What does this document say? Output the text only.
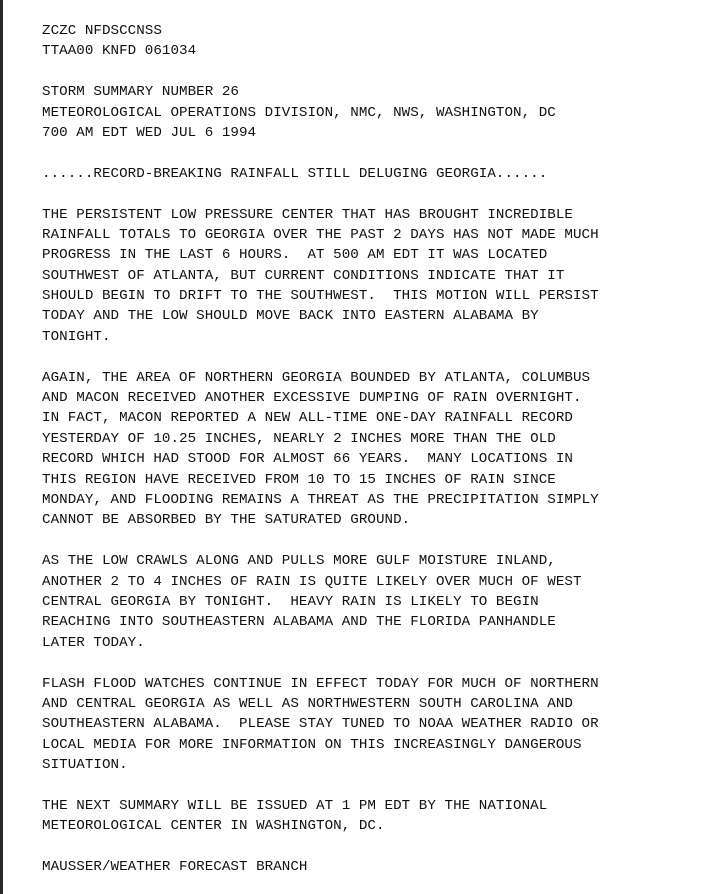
ZCZC NFDSCCNSS
TTAA00 KNFD 061034
STORM SUMMARY NUMBER 26
METEOROLOGICAL OPERATIONS DIVISION, NMC, NWS, WASHINGTON, DC
700 AM EDT WED JUL 6 1994
......RECORD-BREAKING RAINFALL STILL DELUGING GEORGIA......
THE PERSISTENT LOW PRESSURE CENTER THAT HAS BROUGHT INCREDIBLE
RAINFALL TOTALS TO GEORGIA OVER THE PAST 2 DAYS HAS NOT MADE MUCH
PROGRESS IN THE LAST 6 HOURS.  AT 500 AM EDT IT WAS LOCATED
SOUTHWEST OF ATLANTA, BUT CURRENT CONDITIONS INDICATE THAT IT
SHOULD BEGIN TO DRIFT TO THE SOUTHWEST.  THIS MOTION WILL PERSIST
TODAY AND THE LOW SHOULD MOVE BACK INTO EASTERN ALABAMA BY
TONIGHT.
AGAIN, THE AREA OF NORTHERN GEORGIA BOUNDED BY ATLANTA, COLUMBUS
AND MACON RECEIVED ANOTHER EXCESSIVE DUMPING OF RAIN OVERNIGHT.
IN FACT, MACON REPORTED A NEW ALL-TIME ONE-DAY RAINFALL RECORD
YESTERDAY OF 10.25 INCHES, NEARLY 2 INCHES MORE THAN THE OLD
RECORD WHICH HAD STOOD FOR ALMOST 66 YEARS.  MANY LOCATIONS IN
THIS REGION HAVE RECEIVED FROM 10 TO 15 INCHES OF RAIN SINCE
MONDAY, AND FLOODING REMAINS A THREAT AS THE PRECIPITATION SIMPLY
CANNOT BE ABSORBED BY THE SATURATED GROUND.
AS THE LOW CRAWLS ALONG AND PULLS MORE GULF MOISTURE INLAND,
ANOTHER 2 TO 4 INCHES OF RAIN IS QUITE LIKELY OVER MUCH OF WEST
CENTRAL GEORGIA BY TONIGHT.  HEAVY RAIN IS LIKELY TO BEGIN
REACHING INTO SOUTHEASTERN ALABAMA AND THE FLORIDA PANHANDLE
LATER TODAY.
FLASH FLOOD WATCHES CONTINUE IN EFFECT TODAY FOR MUCH OF NORTHERN
AND CENTRAL GEORGIA AS WELL AS NORTHWESTERN SOUTH CAROLINA AND
SOUTHEASTERN ALABAMA.  PLEASE STAY TUNED TO NOAA WEATHER RADIO OR
LOCAL MEDIA FOR MORE INFORMATION ON THIS INCREASINGLY DANGEROUS
SITUATION.
THE NEXT SUMMARY WILL BE ISSUED AT 1 PM EDT BY THE NATIONAL
METEOROLOGICAL CENTER IN WASHINGTON, DC.
MAUSSER/WEATHER FORECAST BRANCH
